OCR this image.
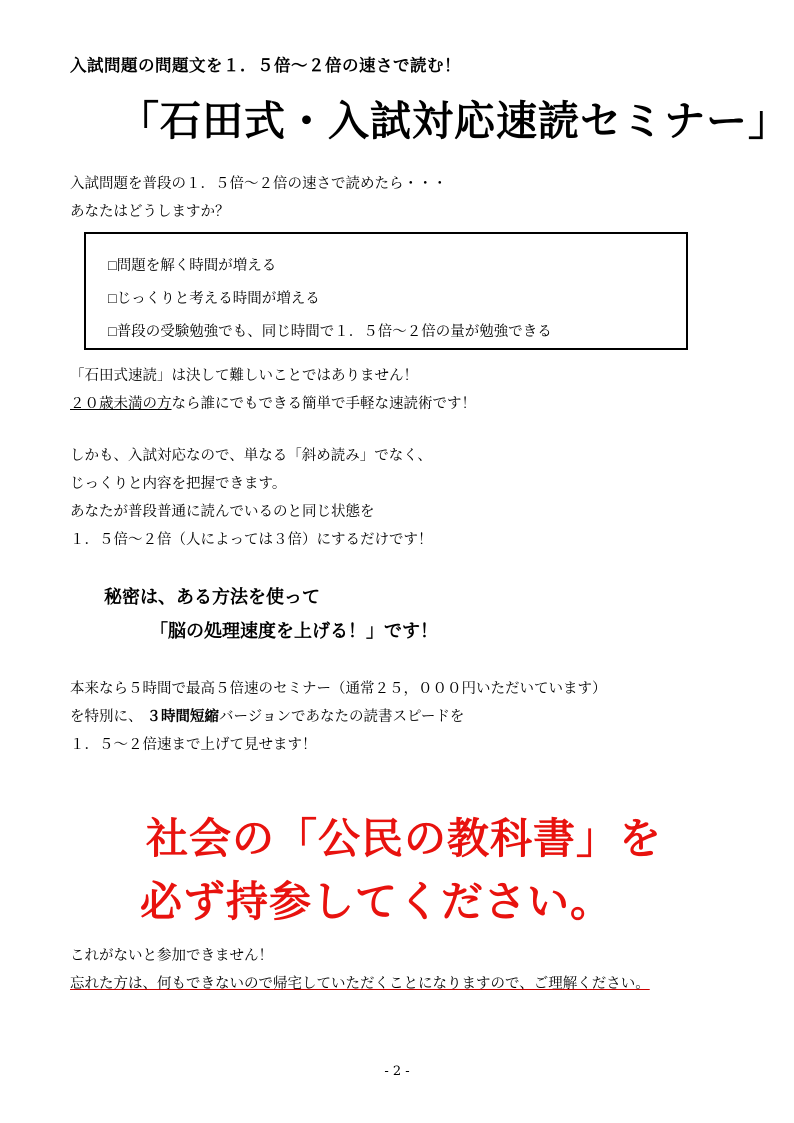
入試問題の問題文を１．５倍〜２倍の速さで読む！
「石田式・入試対応速読セミナー」
入試問題を普段の１．５倍〜２倍の速さで読めたら・・・
あなたはどうしますか？
□問題を解く時間が増える
□じっくりと考える時間が増える
□普段の受験勉強でも、同じ時間で１．５倍〜２倍の量が勉強できる
「石田式速読」は決して難しいことではありません！
２０歳未満の方なら誰にでもできる簡単で手軽な速読術です！
しかも、入試対応なので、単なる「斜め読み」でなく、
じっくりと内容を把握できます。
あなたが普段普通に読んでいるのと同じ状態を
１．５倍〜２倍（人によっては３倍）にするだけです！
秘密は、ある方法を使って
「脳の処理速度を上げる！」です！
本来なら５時間で最高５倍速のセミナー（通常２５，０００円いただいています）
を特別に、 ３時間短縮バージョンであなたの読書スピードを
１．５〜２倍速まで上げて見せます！
社会の「公民の教科書」を
必ず持参してください。
これがないと参加できません！
忘れた方は、何もできないので帰宅していただくことになりますので、ご理解ください。
- 2 -
